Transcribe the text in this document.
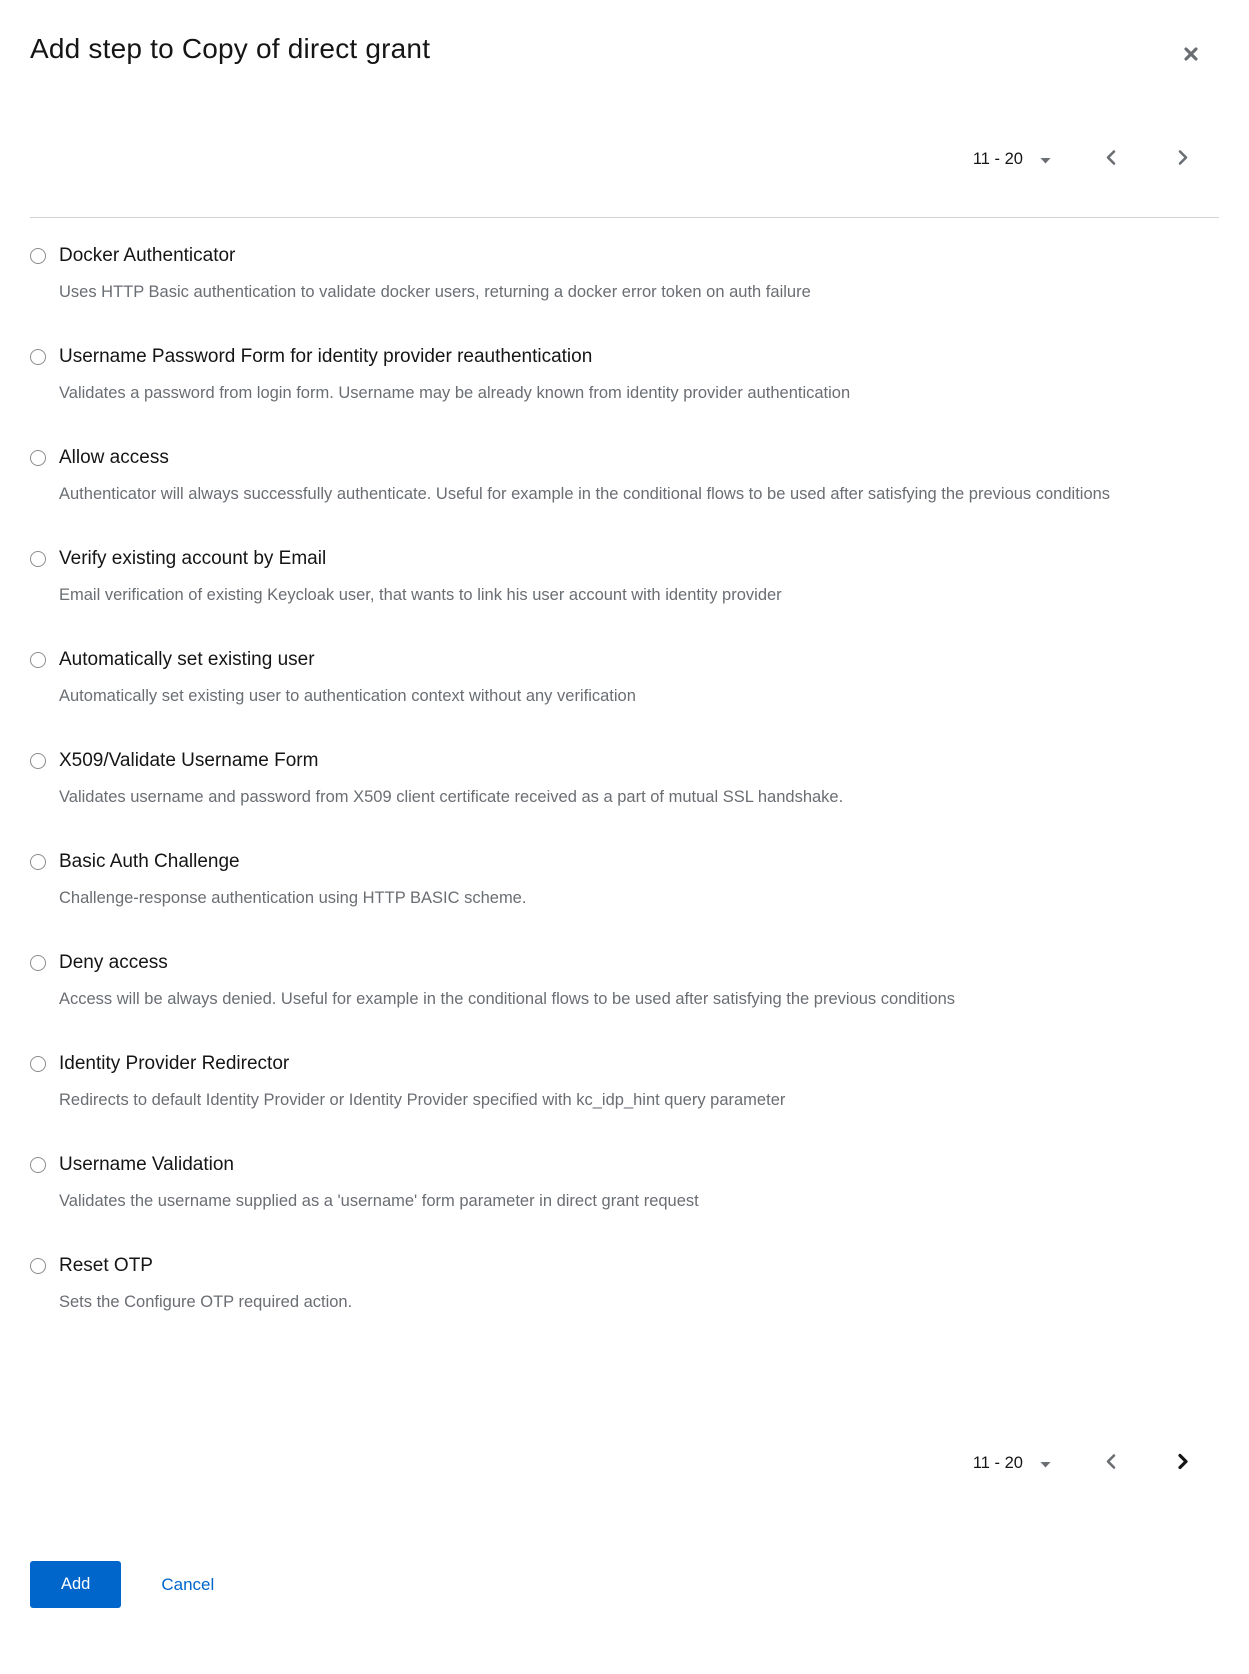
Add step to Copy of direct grant
11 - 20
Docker Authenticator
Uses HTTP Basic authentication to validate docker users, returning a docker error token on auth failure
Username Password Form for identity provider reauthentication
Validates a password from login form. Username may be already known from identity provider authentication
Allow access
Authenticator will always successfully authenticate. Useful for example in the conditional flows to be used after satisfying the previous conditions
Verify existing account by Email
Email verification of existing Keycloak user, that wants to link his user account with identity provider
Automatically set existing user
Automatically set existing user to authentication context without any verification
X509/Validate Username Form
Validates username and password from X509 client certificate received as a part of mutual SSL handshake.
Basic Auth Challenge
Challenge-response authentication using HTTP BASIC scheme.
Deny access
Access will be always denied. Useful for example in the conditional flows to be used after satisfying the previous conditions
Identity Provider Redirector
Redirects to default Identity Provider or Identity Provider specified with kc_idp_hint query parameter
Username Validation
Validates the username supplied as a 'username' form parameter in direct grant request
Reset OTP
Sets the Configure OTP required action.
11 - 20
Add	Cancel
